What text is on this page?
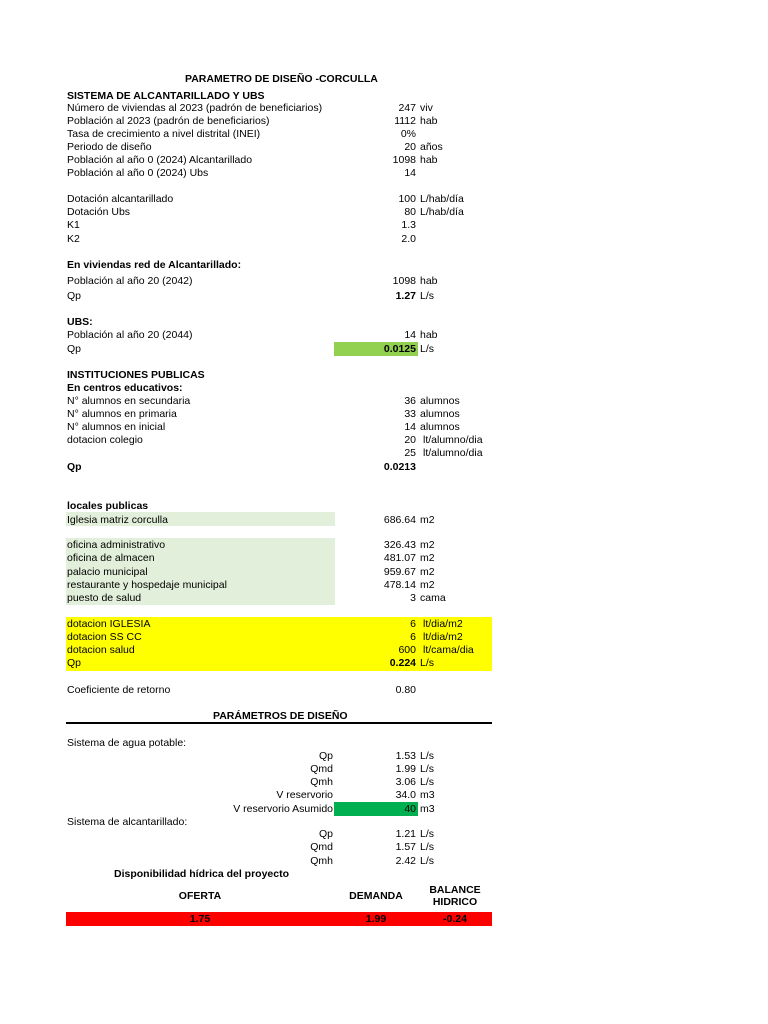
PARAMETRO DE DISEÑO -CORCULLA
SISTEMA DE ALCANTARILLADO Y UBS
Número de viviendas al 2023 (padrón de beneficiarios)	247 viv
Población al 2023 (padrón de beneficiarios)	1112 hab
Tasa de crecimiento a nivel distrital (INEI)	0%
Periodo de diseño	20 años
Población al año 0 (2024) Alcantarillado	1098 hab
Población al año 0 (2024) Ubs	14
Dotación alcantarillado	100 L/hab/día
Dotación Ubs	80 L/hab/día
K1	1.3
K2	2.0
En viviendas red de Alcantarillado:
Población al año 20 (2042)	1098 hab
Qp	1.27 L/s
UBS:
Población al año 20 (2044)	14 hab
Qp	0.0125 L/s
INSTITUCIONES PUBLICAS
En centros educativos:
N° alumnos en secundaria	36 alumnos
N° alumnos en primaria	33 alumnos
N° alumnos en inicial	14 alumnos
dotacion colegio	20 lt/alumno/dia
25 lt/alumno/dia
Qp	0.0213
locales publicas
Iglesia matriz corculla	686.64 m2
oficina administrativo	326.43 m2
oficina de almacen	481.07 m2
palacio municipal	959.67 m2
restaurante y hospedaje municipal	478.14 m2
puesto de salud	3 cama
dotacion IGLESIA	6 lt/dia/m2
dotacion SS CC	6 lt/dia/m2
dotacion salud	600 lt/cama/dia
Qp	0.224 L/s
Coeficiente de retorno	0.80
PARÁMETROS DE DISEÑO
Sistema de agua potable:
Qp	1.53 L/s
Qmd	1.99 L/s
Qmh	3.06 L/s
V reservorio	34.0 m3
V reservorio Asumido	40 m3
Sistema de alcantarillado:
Qp	1.21 L/s
Qmd	1.57 L/s
Qmh	2.42 L/s
Disponibilidad hídrica del proyecto
OFERTA	DEMANDA	BALANCE
HIDRICO
1.75	1.99	-0.24
